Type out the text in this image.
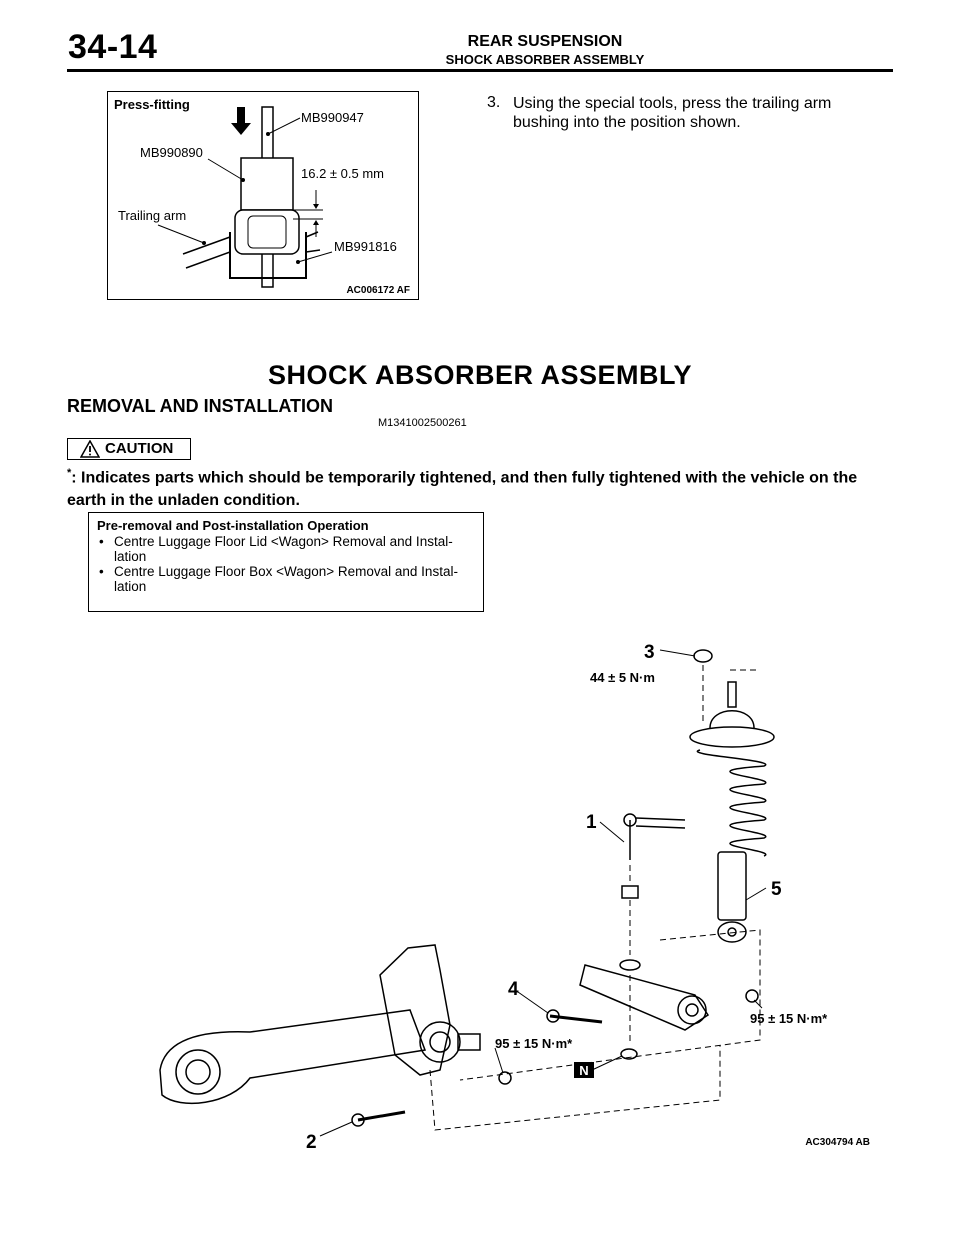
34-14	REAR SUSPENSION
SHOCK ABSORBER ASSEMBLY
Press-fitting
MB990947
MB990890
16.2 ± 0.5 mm
Trailing arm
MB991816
AC006172 AF
3. Using the special tools, press the trailing arm bushing into the position shown.
SHOCK ABSORBER ASSEMBLY
REMOVAL AND INSTALLATION
M1341002500261
CAUTION
*: Indicates parts which should be temporarily tightened, and then fully tightened with the vehicle on the earth in the unladen condition.
Pre-removal and Post-installation Operation
• Centre Luggage Floor Lid <Wagon> Removal and Instal-lation
• Centre Luggage Floor Box <Wagon> Removal and Instal-lation
3
44 ± 5 N·m
1
5
4
95 ± 15 N·m*
95 ± 15 N·m*
N
2	AC304794 AB
